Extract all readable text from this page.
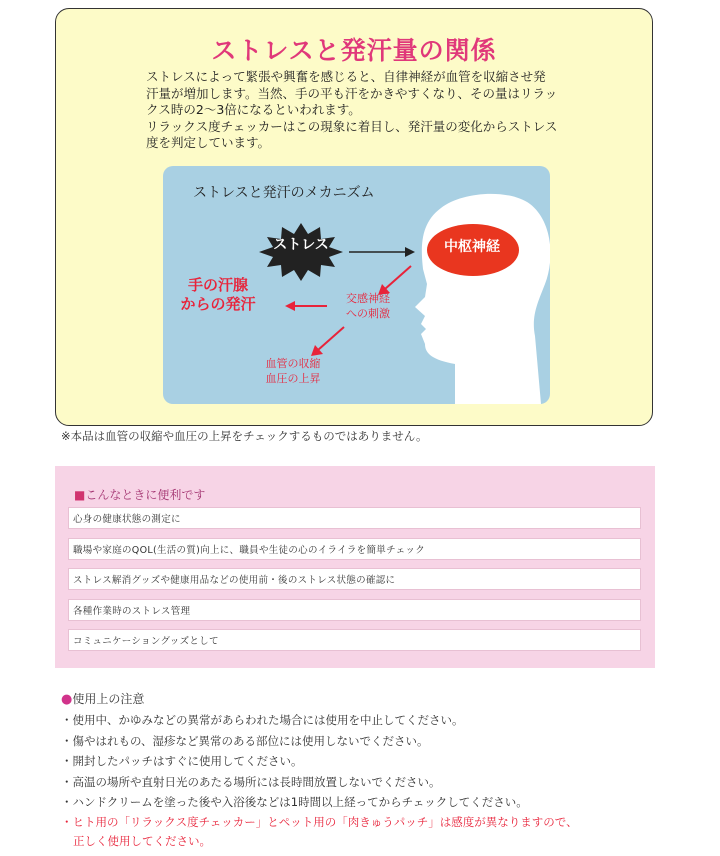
ストレスと発汗量の関係

ストレスによって緊張や興奮を感じると、自律神経が血管を収縮させ発

汗量が増加します。当然、手の平も汗をかきやすくなり、その量はリラッ

クス時の2～3倍になるといわれます。

リラックス度チェッカーはこの現象に着目し、発汗量の変化からストレス

度を判定しています。

ストレスと発汗のメカニズム
ストレス	中枢神経
手の汗腺
からの発汗	交感神経
への刺激
血管の収縮
血圧の上昇
※本品は血管の収縮や血圧の上昇をチェックするものではありません。
■こんなときに便利です
心身の健康状態の測定に
職場や家庭のQOL(生活の質)向上に、職員や生徒の心のイライラを簡単チェック
ストレス解消グッズや健康用品などの使用前・後のストレス状態の確認に
各種作業時のストレス管理
コミュニケーショングッズとして
●使用上の注意
・使用中、かゆみなどの異常があらわれた場合には使用を中止してください。
・傷やはれもの、湿疹など異常のある部位には使用しないでください。
・開封したパッチはすぐに使用してください。
・高温の場所や直射日光のあたる場所には長時間放置しないでください。
・ハンドクリームを塗った後や入浴後などは1時間以上経ってからチェックしてください。
・ヒト用の「リラックス度チェッカー」とペット用の「肉きゅうパッチ」は感度が異なりますので、
正しく使用してください。
